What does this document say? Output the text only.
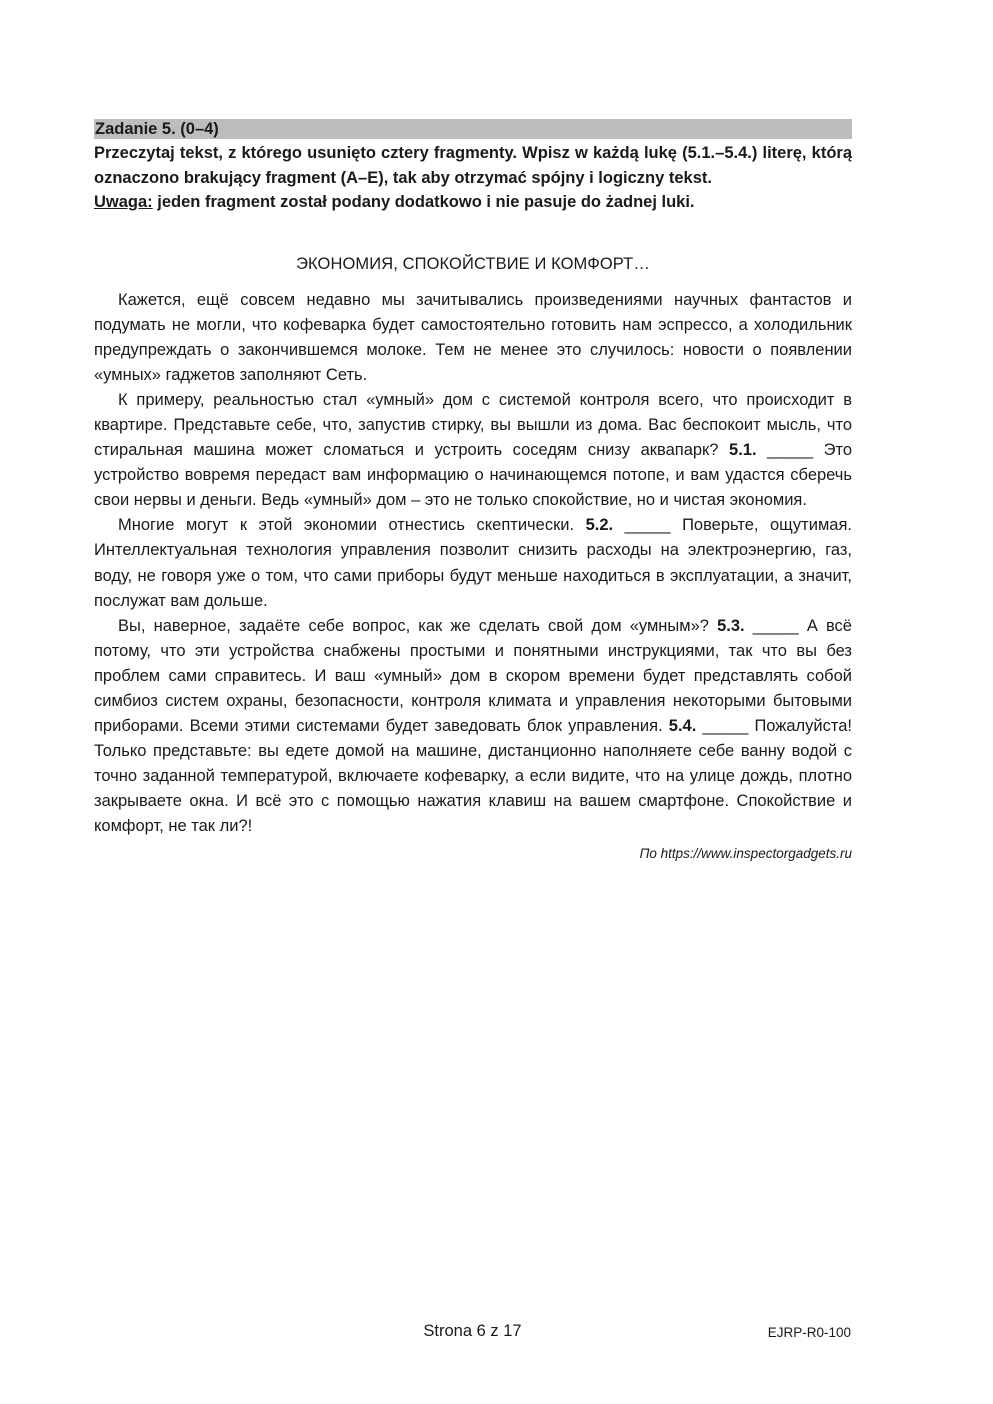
Zadanie 5. (0–4)

Przeczytaj tekst, z którego usunięto cztery fragmenty. Wpisz w każdą lukę (5.1.–5.4.) literę, którą oznaczono brakujący fragment (A–E), tak aby otrzymać spójny i logiczny tekst.

Uwaga: jeden fragment został podany dodatkowo i nie pasuje do żadnej luki.

ЭКОНОМИЯ, СПОКОЙСТВИЕ И КОМФОРТ…

Кажется, ещё совсем недавно мы зачитывались произведениями научных фантастов и подумать не могли, что кофеварка будет самостоятельно готовить нам эспрессо, а холодильник предупреждать о закончившемся молоке. Тем не менее это случилось: новости о появлении «умных» гаджетов заполняют Сеть.

К примеру, реальностью стал «умный» дом с системой контроля всего, что происходит в квартире. Представьте себе, что, запустив стирку, вы вышли из дома. Вас беспокоит мысль, что стиральная машина может сломаться и устроить соседям снизу аквапарк? 5.1. _____ Это устройство вовремя передаст вам информацию о начинающемся потопе, и вам удастся сберечь свои нервы и деньги. Ведь «умный» дом – это не только спокойствие, но и чистая экономия.

Многие могут к этой экономии отнестись скептически. 5.2. _____ Поверьте, ощутимая. Интеллектуальная технология управления позволит снизить расходы на электроэнергию, газ, воду, не говоря уже о том, что сами приборы будут меньше находиться в эксплуатации, а значит, послужат вам дольше.

Вы, наверное, задаёте себе вопрос, как же сделать свой дом «умным»? 5.3. _____ А всё потому, что эти устройства снабжены простыми и понятными инструкциями, так что вы без проблем сами справитесь. И ваш «умный» дом в скором времени будет представлять собой симбиоз систем охраны, безопасности, контроля климата и управления некоторыми бытовыми приборами. Всеми этими системами будет заведовать блок управления. 5.4. _____ Пожалуйста! Только представьте: вы едете домой на машине, дистанционно наполняете себе ванну водой с точно заданной температурой, включаете кофеварку, а если видите, что на улице дождь, плотно закрываете окна. И всё это с помощью нажатия клавиш на вашем смартфоне. Спокойствие и комфорт, не так ли?!

По https://www.inspectorgadgets.ru
Strona 6 z 17	EJRP-R0-100
